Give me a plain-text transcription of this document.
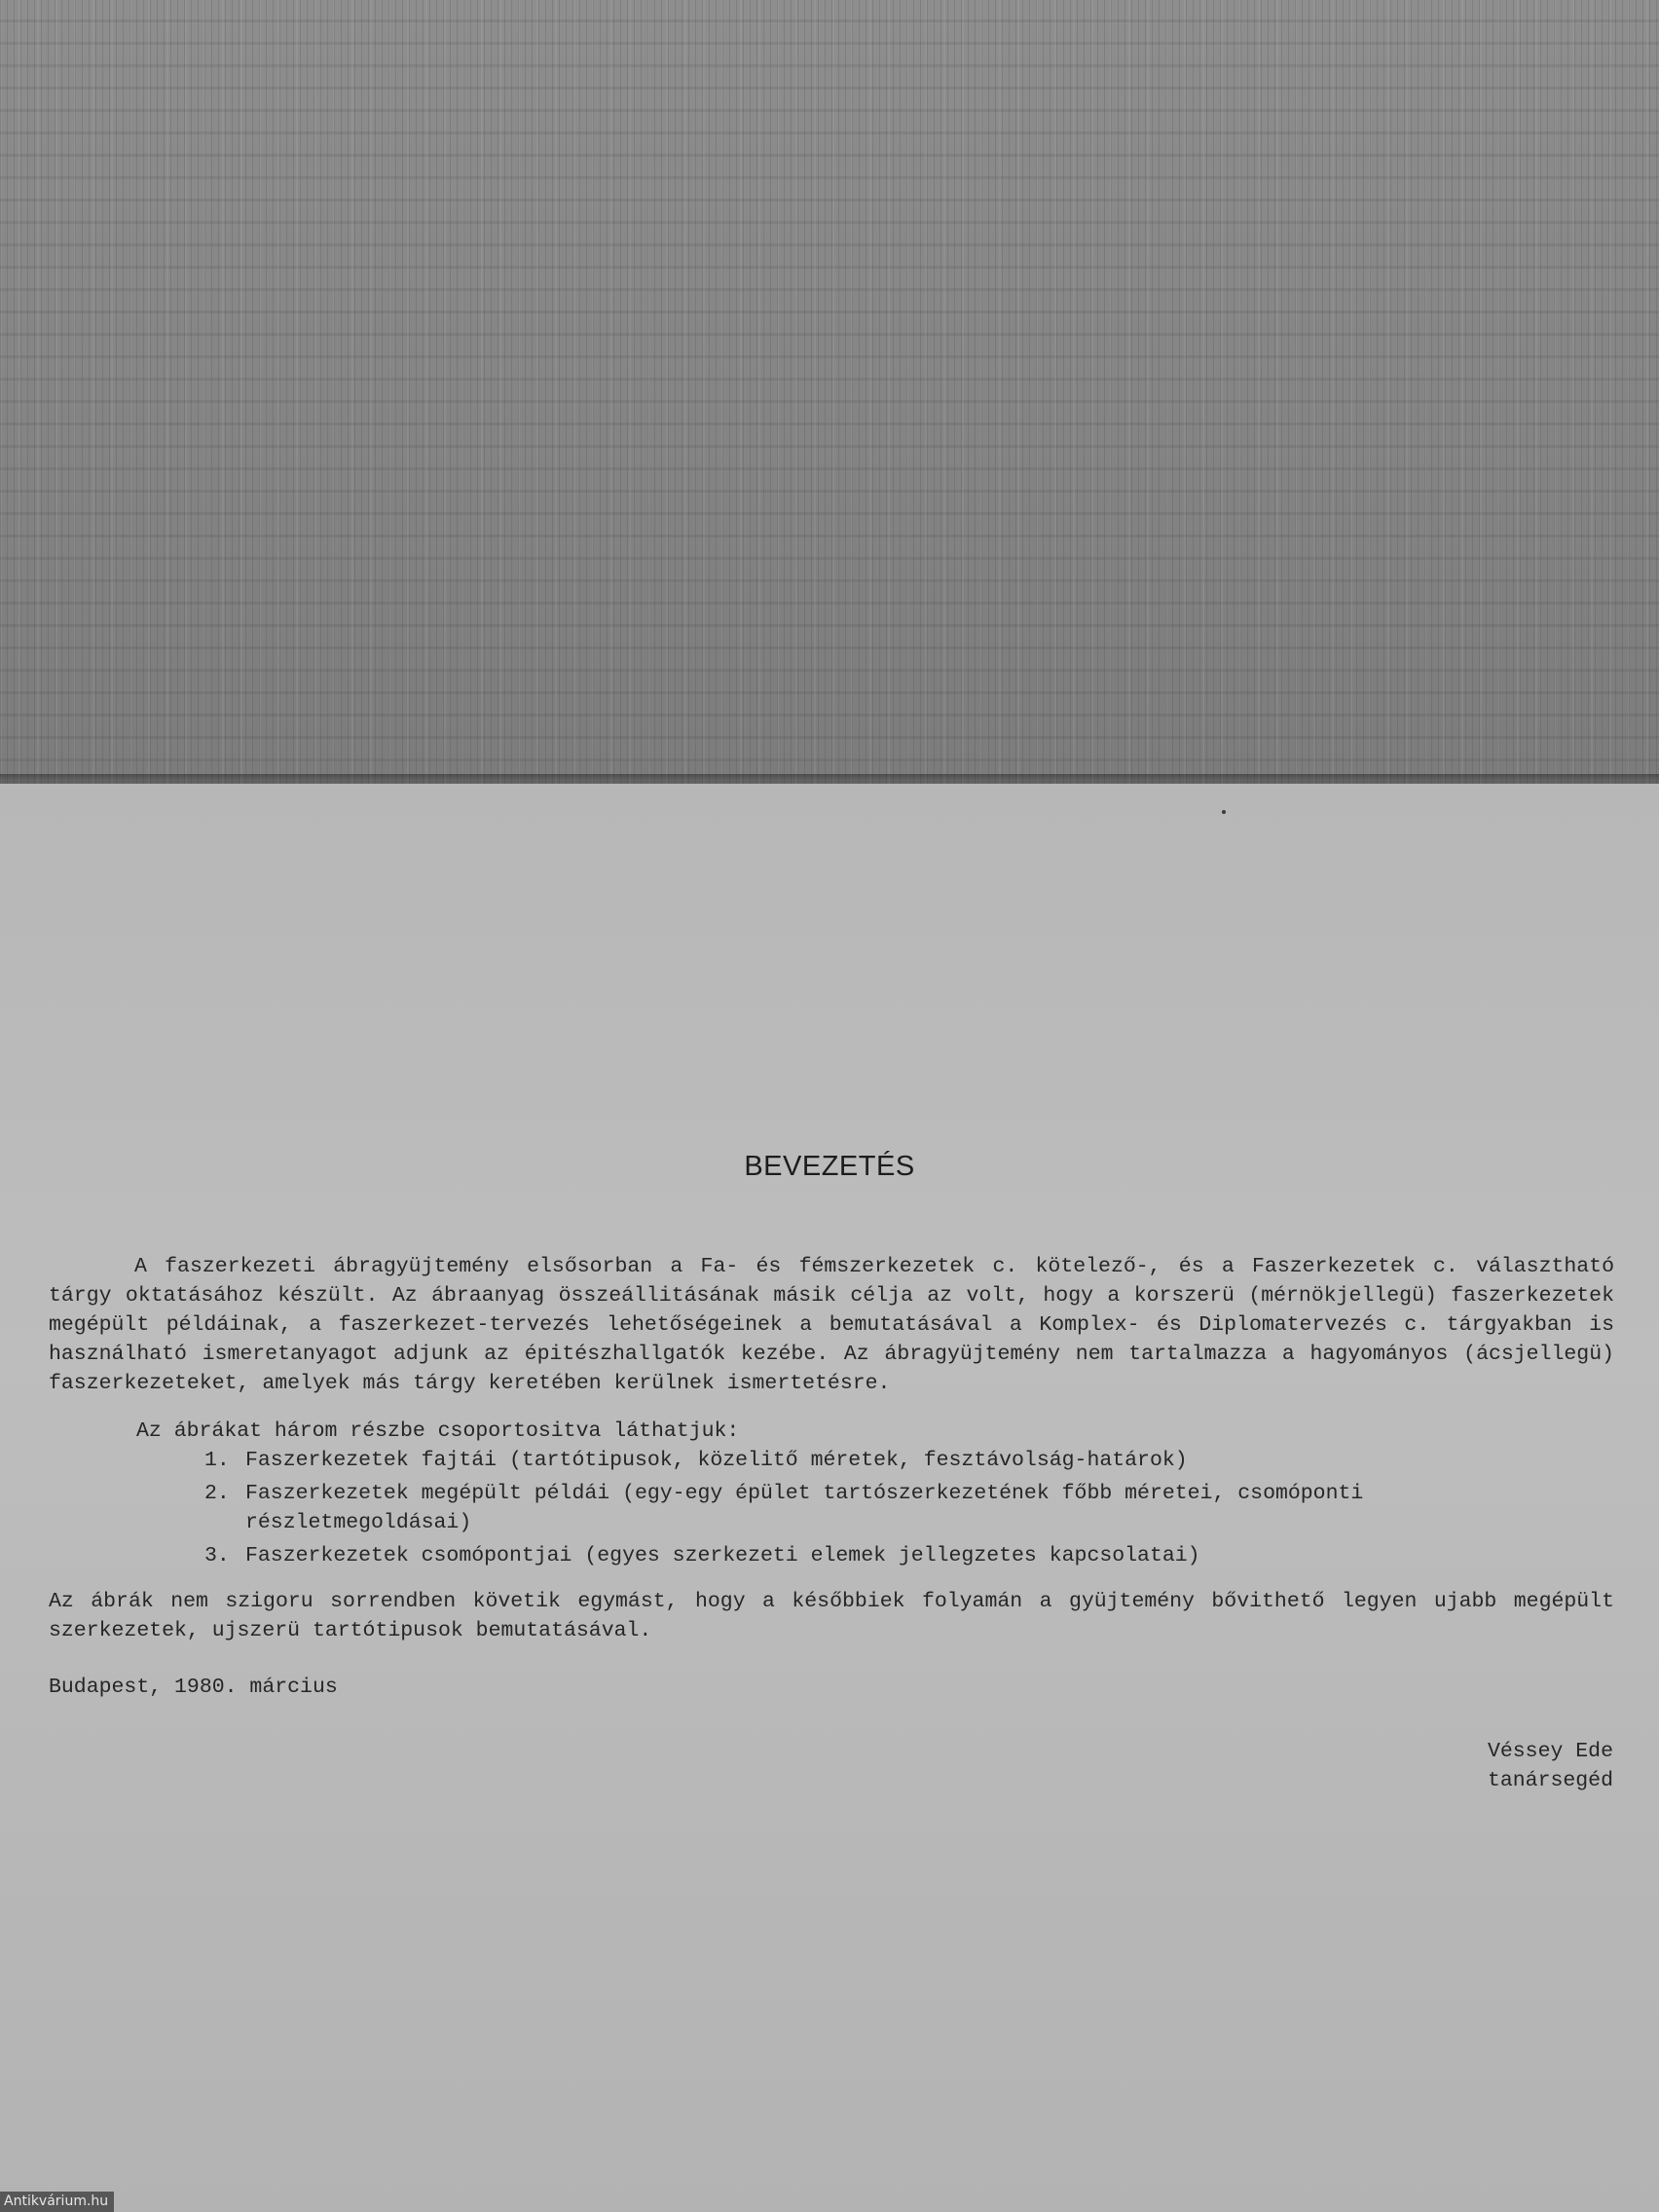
BEVEZETÉS
A faszerkezeti ábragyüjtemény elsősorban a Fa- és fémszerkezetek c. kötelező-, és a Faszerkezetek c. választható tárgy oktatásához készült. Az ábraanyag összeállitásának másik célja az volt, hogy a korszerü (mérnökjellegü) faszerkezetek megépült példáinak, a faszerkezet-tervezés lehetőségeinek a bemutatásával a Komplex- és Diplomatervezés c. tárgyakban is használható ismeretanyagot adjunk az épitészhallgatók kezébe. Az ábragyüjtemény nem tartalmazza a hagyományos (ácsjellegü) faszerkezeteket, amelyek más tárgy keretében kerülnek ismertetésre.
Az ábrákat három részbe csoportositva láthatjuk:
1. Faszerkezetek fajtái (tartótipusok, közelitő méretek, fesztávolság-határok)
2. Faszerkezetek megépült példái (egy-egy épület tartószerkezetének főbb méretei, csomóponti részletmegoldásai)
3. Faszerkezetek csomópontjai (egyes szerkezeti elemek jellegzetes kapcsolatai)
Az ábrák nem szigoru sorrendben követik egymást, hogy a későbbiek folyamán a gyüjtemény bővithető legyen ujabb megépült szerkezetek, ujszerü tartótipusok bemutatásával.
Budapest, 1980. március
Véssey Ede
tanársegéd
Antikvárium.hu
